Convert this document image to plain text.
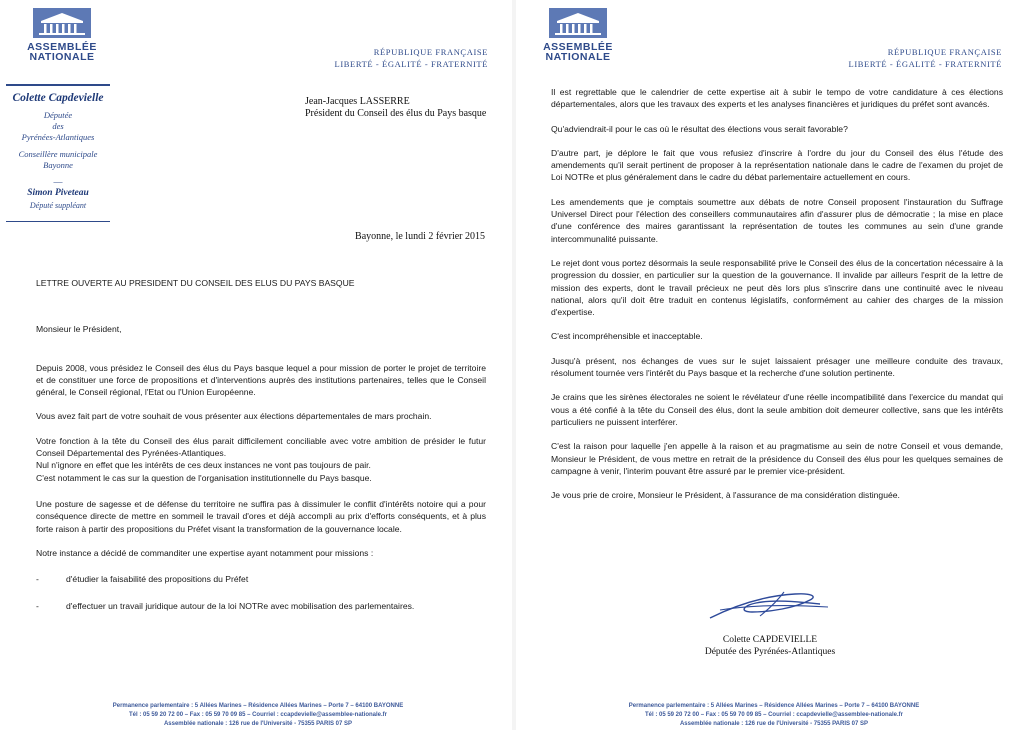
ASSEMBLÉE
NATIONALE	RÉPUBLIQUE FRANÇAISE
LIBERTÉ - ÉGALITÉ - FRATERNITÉ
Colette Capdevielle
Députée
des
Pyrénées-Atlantiques
Conseillère municipale
Bayonne
—
Simon Piveteau
Député suppléant
Jean-Jacques LASSERRE
Président du Conseil des élus du Pays basque
Bayonne, le lundi 2 février 2015

LETTRE OUVERTE AU PRESIDENT DU CONSEIL DES ELUS DU PAYS BASQUE

Monsieur le Président,

Depuis 2008, vous présidez le Conseil des élus du Pays basque lequel a pour mission de porter le projet de territoire et de constituer une force de propositions et d'interventions auprès des institutions partenaires, telles que le Conseil général, le Conseil régional, l'Etat ou l'Union Européenne.

Vous avez fait part de votre souhait de vous présenter aux élections départementales de mars prochain.

Votre fonction à la tête du Conseil des élus parait difficilement conciliable avec votre ambition de présider le futur Conseil Départemental des Pyrénées-Atlantiques.
Nul n'ignore en effet que les intérêts de ces deux instances ne vont pas toujours de pair.
C'est notamment le cas sur la question de l'organisation institutionnelle du Pays basque.

Une posture de sagesse et de défense du territoire ne suffira pas à dissimuler le conflit d'intérêts notoire qui a pour conséquence directe de mettre en sommeil le travail d'ores et déjà accompli au prix d'efforts conséquents, et à plus forte raison à partir des propositions du Préfet visant la transformation de la gouvernance locale.

Notre instance a décidé de commanditer une expertise ayant notamment pour missions :

-	d'étudier la faisabilité des propositions du Préfet
-	d'effectuer un travail juridique autour de la loi NOTRe avec mobilisation des parlementaires.
Permanence parlementaire : 5 Allées Marines – Résidence Allées Marines – Porte 7 – 64100 BAYONNE
Tél : 05 59 20 72 00 – Fax : 05 59 70 09 85 – Courriel : ccapdevielle@assemblee-nationale.fr
Assemblée nationale : 126 rue de l'Université - 75355 PARIS 07 SP
ASSEMBLÉE
NATIONALE	RÉPUBLIQUE FRANÇAISE
LIBERTÉ - ÉGALITÉ - FRATERNITÉ

Il est regrettable que le calendrier de cette expertise ait à subir le tempo de votre candidature à ces élections départementales, alors que les travaux des experts et les analyses financières et juridiques du préfet sont avancés.

Qu'adviendrait-il pour le cas où le résultat des élections vous serait favorable?

D'autre part, je déplore le fait que vous refusiez d'inscrire à l'ordre du jour du Conseil des élus l'étude des amendements qu'il serait pertinent de proposer à la représentation nationale dans le cadre de l'examen du projet de Loi NOTRe et plus généralement dans le cadre du débat parlementaire actuellement en cours.

Les amendements que je comptais soumettre aux débats de notre Conseil proposent l'instauration du Suffrage Universel Direct pour l'élection des conseillers communautaires afin d'assurer plus de démocratie ; la mise en place d'une conférence des maires garantissant la représentation de toutes les communes au sein d'une grande intercommunalité puissante.

Le rejet dont vous portez désormais la seule responsabilité prive le Conseil des élus de la concertation nécessaire à la progression du dossier, en particulier sur la question de la gouvernance. Il invalide par ailleurs l'esprit de la lettre de mission des experts, dont le travail précieux ne peut dès lors plus s'inscrire dans une continuité avec le niveau national, alors qu'il doit être traduit en contenus législatifs, conformément au cahier des charges de la mission d'expertise.

C'est incompréhensible et inacceptable.

Jusqu'à présent, nos échanges de vues sur le sujet laissaient présager une meilleure conduite des travaux, résolument tournée vers l'intérêt du Pays basque et la recherche d'une solution pertinente.

Je crains que les sirènes électorales ne soient le révélateur d'une réelle incompatibilité dans l'exercice du mandat qui vous a été confié à la tête du Conseil des élus, dont la seule ambition doit demeurer collective, sans que les intérêts particuliers ne puissent interférer.

C'est la raison pour laquelle j'en appelle à la raison et au pragmatisme au sein de notre Conseil et vous demande, Monsieur le Président, de vous mettre en retrait de la présidence du Conseil des élus pour les quelques semaines de campagne à venir, l'interim pouvant être assuré par le premier vice-président.

Je vous prie de croire, Monsieur le Président, à l'assurance de ma considération distinguée.

Colette CAPDEVIELLE
Députée des Pyrénées-Atlantiques
Permanence parlementaire : 5 Allées Marines – Résidence Allées Marines – Porte 7 – 64100 BAYONNE
Tél : 05 59 20 72 00 – Fax : 05 59 70 09 85 – Courriel : ccapdevielle@assemblee-nationale.fr
Assemblée nationale : 126 rue de l'Université - 75355 PARIS 07 SP
